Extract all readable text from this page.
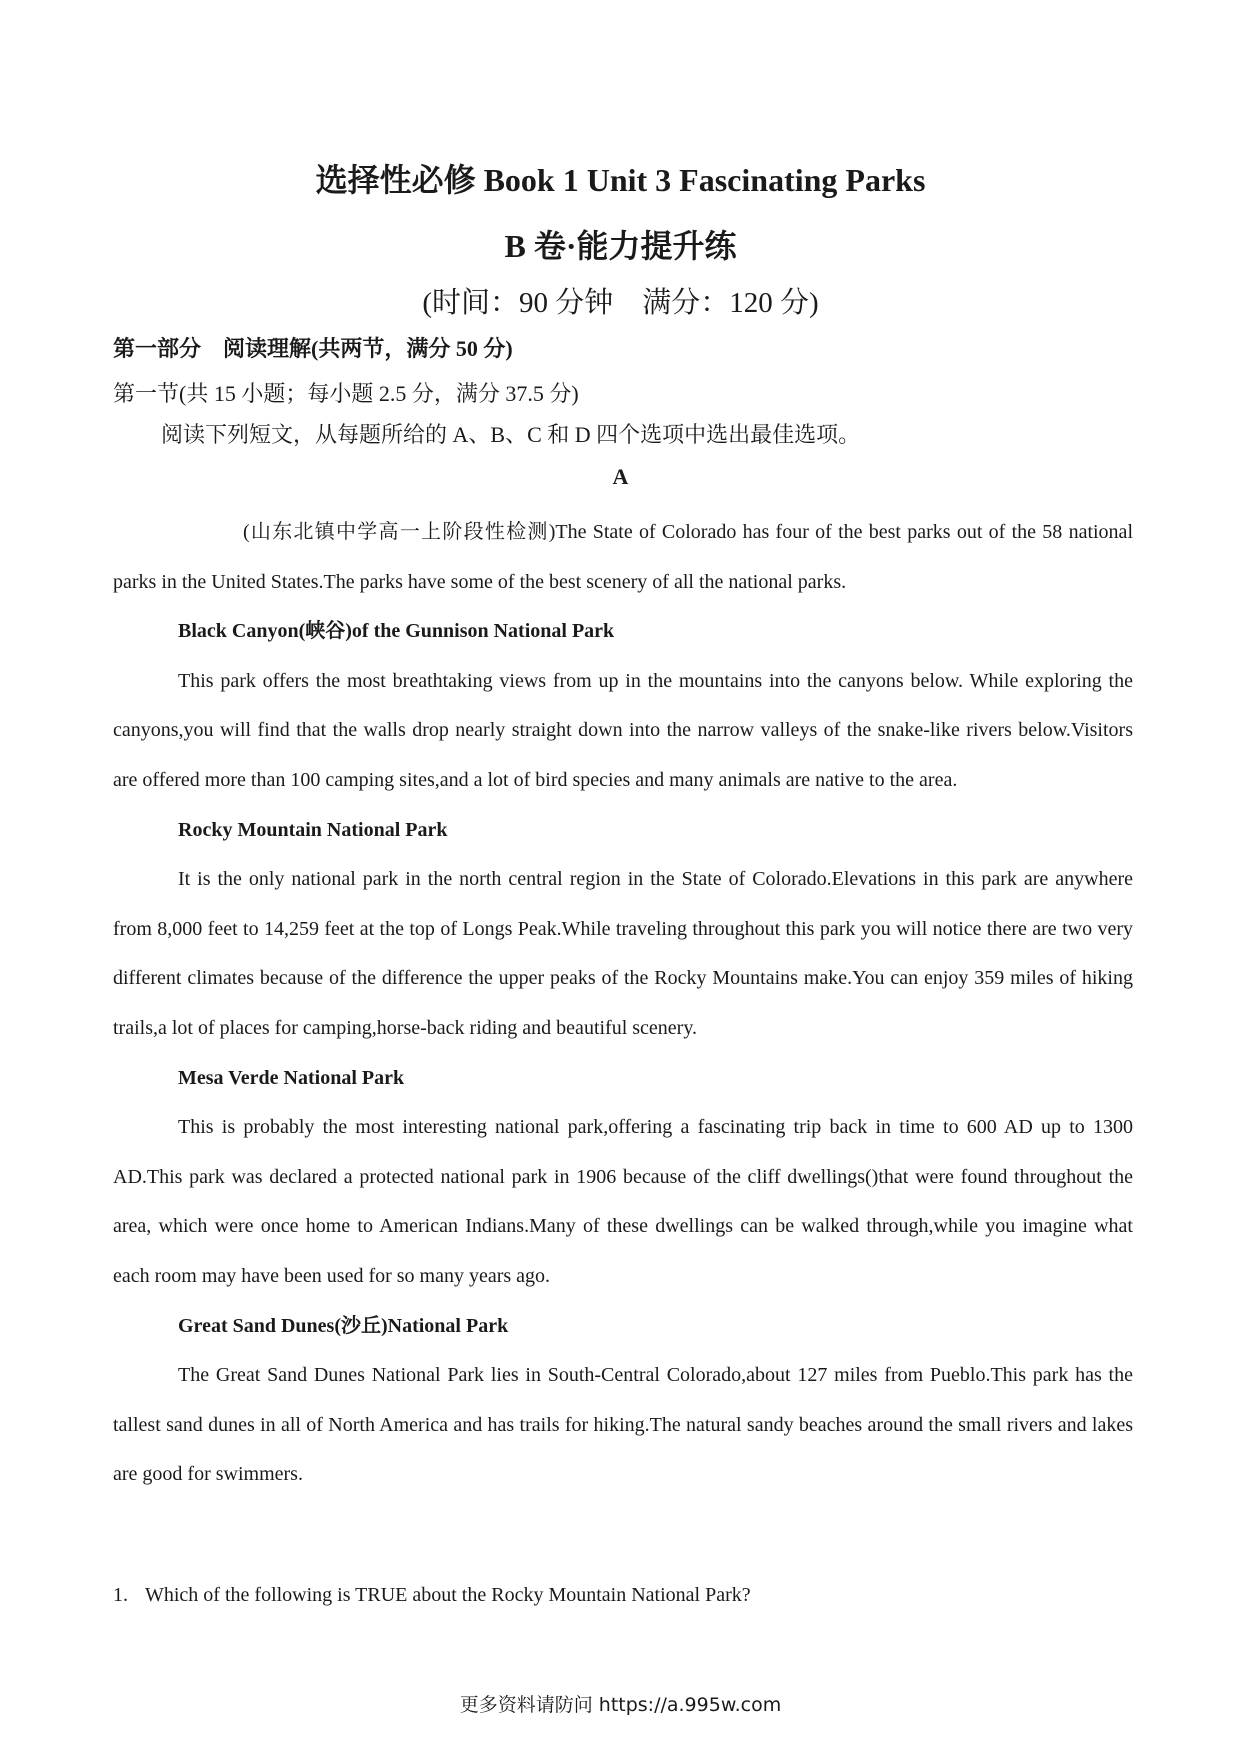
选择性必修 Book 1 Unit 3 Fascinating Parks
B 卷·能力提升练
(时间：90 分钟　满分：120 分)
第一部分　阅读理解(共两节，满分 50 分)
第一节(共 15 小题；每小题 2.5 分，满分 37.5 分)
阅读下列短文，从每题所给的 A、B、C 和 D 四个选项中选出最佳选项。
A

(山东北镇中学高一上阶段性检测)The State of Colorado has four of the best parks out of the 58 national parks in the United States.The parks have some of the best scenery of all the national parks.

Black Canyon(峡谷)of the Gunnison National Park

This park offers the most breathtaking views from up in the mountains into the canyons below. While exploring the canyons,you will find that the walls drop nearly straight down into the narrow valleys of the snake-like rivers below.Visitors are offered more than 100 camping sites,and a lot of bird species and many animals are native to the area.

Rocky Mountain National Park

It is the only national park in the north central region in the State of Colorado.Elevations in this park are anywhere from 8,000 feet to 14,259 feet at the top of Longs Peak.While traveling throughout this park you will notice there are two very different climates because of the difference the upper peaks of the Rocky Mountains make.You can enjoy 359 miles of hiking trails,a lot of places for camping,horse-back riding and beautiful scenery.

Mesa Verde National Park

This is probably the most interesting national park,offering a fascinating trip back in time to 600 AD up to 1300 AD.This park was declared a protected national park in 1906 because of the cliff dwellings()that were found throughout the area, which were once home to American Indians.Many of these dwellings can be walked through,while you imagine what each room may have been used for so many years ago.

Great Sand Dunes(沙丘)National Park

The Great Sand Dunes National Park lies in South-Central Colorado,about 127 miles from Pueblo.This park has the tallest sand dunes in all of North America and has trails for hiking.The natural sandy beaches around the small rivers and lakes are good for swimmers.

1. Which of the following is TRUE about the Rocky Mountain National Park?
更多资料请防问 https://a.995w.com
